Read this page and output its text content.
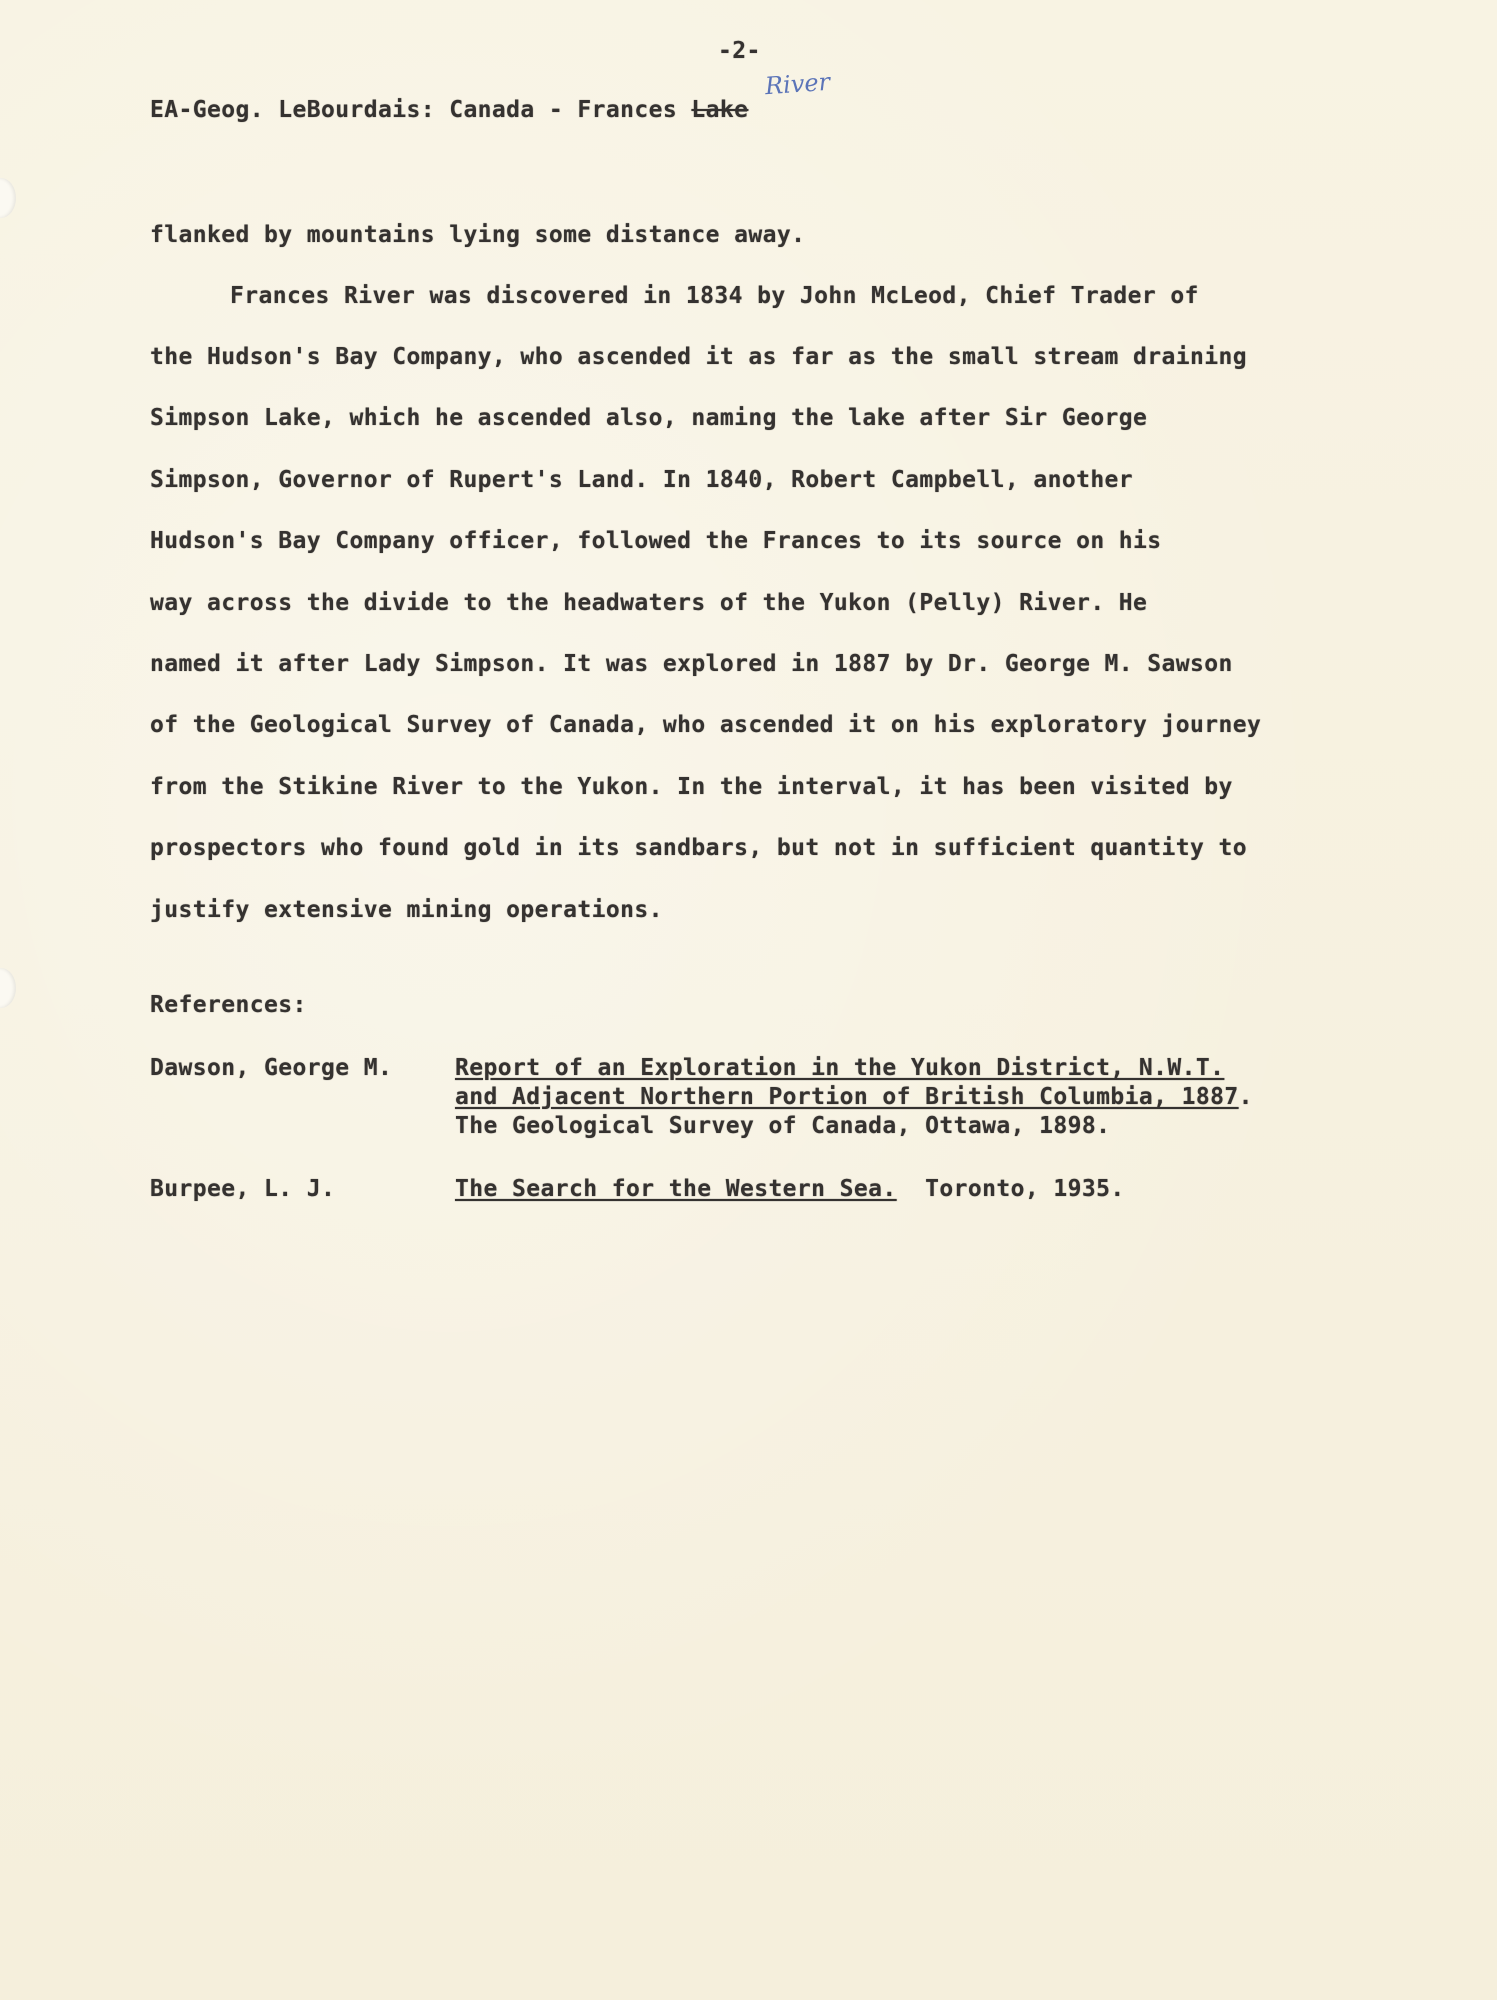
-2-
EA-Geog. LeBourdais: Canada - Frances Lake
River
flanked by mountains lying some distance away.
Frances River was discovered in 1834 by John McLeod, Chief Trader of
the Hudson's Bay Company, who ascended it as far as the small stream draining
Simpson Lake, which he ascended also, naming the lake after Sir George
Simpson, Governor of Rupert's Land. In 1840, Robert Campbell, another
Hudson's Bay Company officer, followed the Frances to its source on his
way across the divide to the headwaters of the Yukon (Pelly) River. He
named it after Lady Simpson. It was explored in 1887 by Dr. George M. Sawson
of the Geological Survey of Canada, who ascended it on his exploratory journey
from the Stikine River to the Yukon. In the interval, it has been visited by
prospectors who found gold in its sandbars, but not in sufficient quantity to
justify extensive mining operations.
References:
Dawson, George M.	Report of an Exploration in the Yukon District, N.W.T.
and Adjacent Northern Portion of British Columbia, 1887.
The Geological Survey of Canada, Ottawa, 1898.
Burpee, L. J.	The Search for the Western Sea.  Toronto, 1935.
